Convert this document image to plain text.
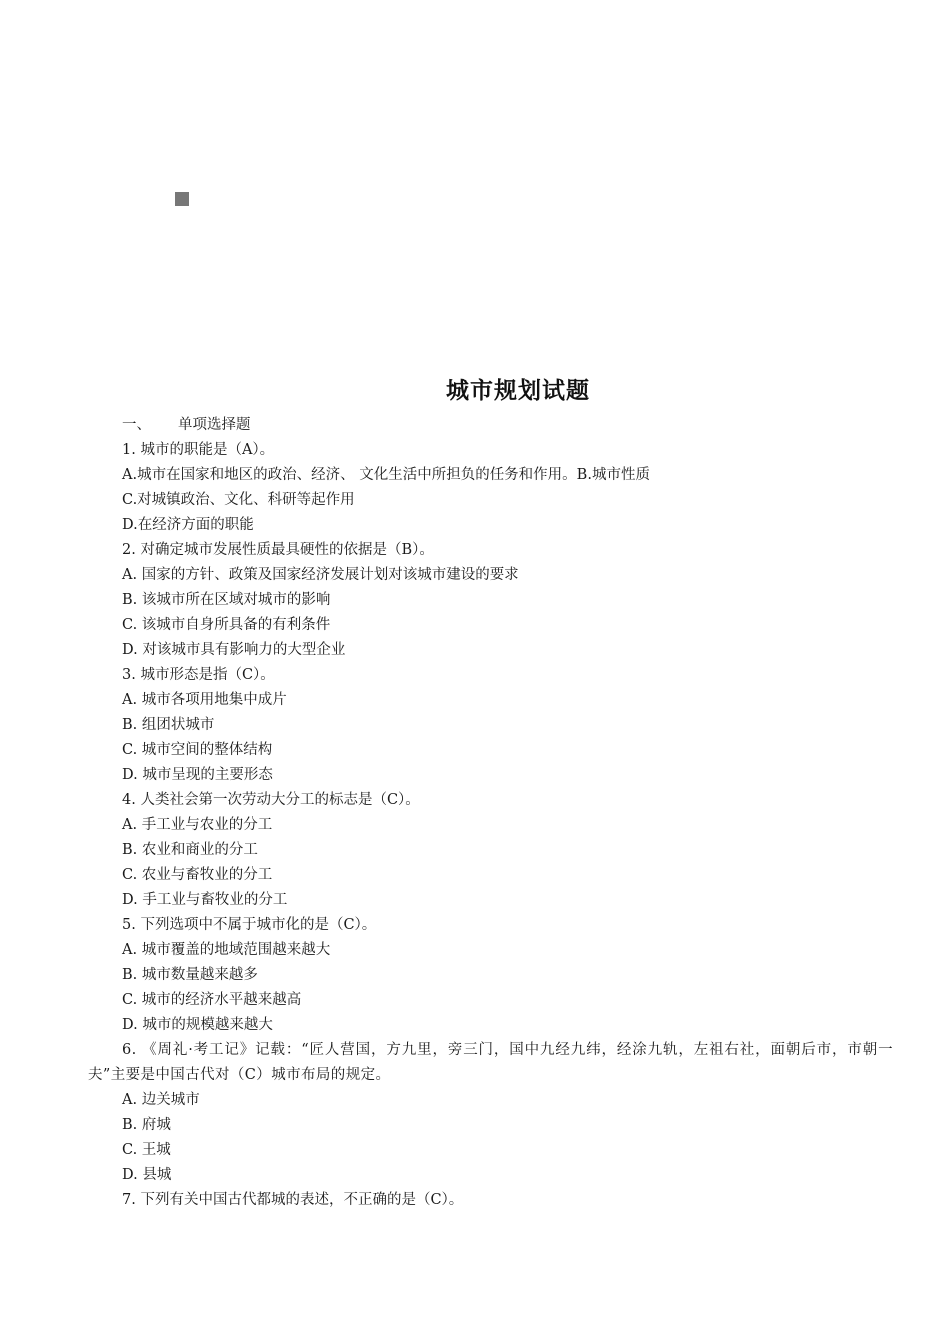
城市规划试题

一、 单项选择题

1. 城市的职能是（A）。

A.城市在国家和地区的政治、经济、 文化生活中所担负的任务和作用。B.城市性质

C.对城镇政治、文化、科研等起作用

D.在经济方面的职能

2. 对确定城市发展性质最具硬性的依据是（B）。

A. 国家的方针、政策及国家经济发展计划对该城市建设的要求

B. 该城市所在区域对城市的影响

C. 该城市自身所具备的有利条件

D. 对该城市具有影响力的大型企业

3. 城市形态是指（C）。

A. 城市各项用地集中成片

B. 组团状城市

C. 城市空间的整体结构

D. 城市呈现的主要形态

4. 人类社会第一次劳动大分工的标志是（C）。

A. 手工业与农业的分工

B. 农业和商业的分工

C. 农业与畜牧业的分工

D. 手工业与畜牧业的分工

5. 下列选项中不属于城市化的是（C）。

A. 城市覆盖的地域范围越来越大

B. 城市数量越来越多

C. 城市的经济水平越来越高

D. 城市的规模越来越大

6. 《周礼·考工记》记载：“匠人营国，方九里，旁三门，国中九经九纬，经涂九轨，左祖右社，面朝后市，市朝一夫”主要是中国古代对（C）城市布局的规定。

A. 边关城市

B. 府城

C. 王城

D. 县城

7. 下列有关中国古代都城的表述，不正确的是（C）。
